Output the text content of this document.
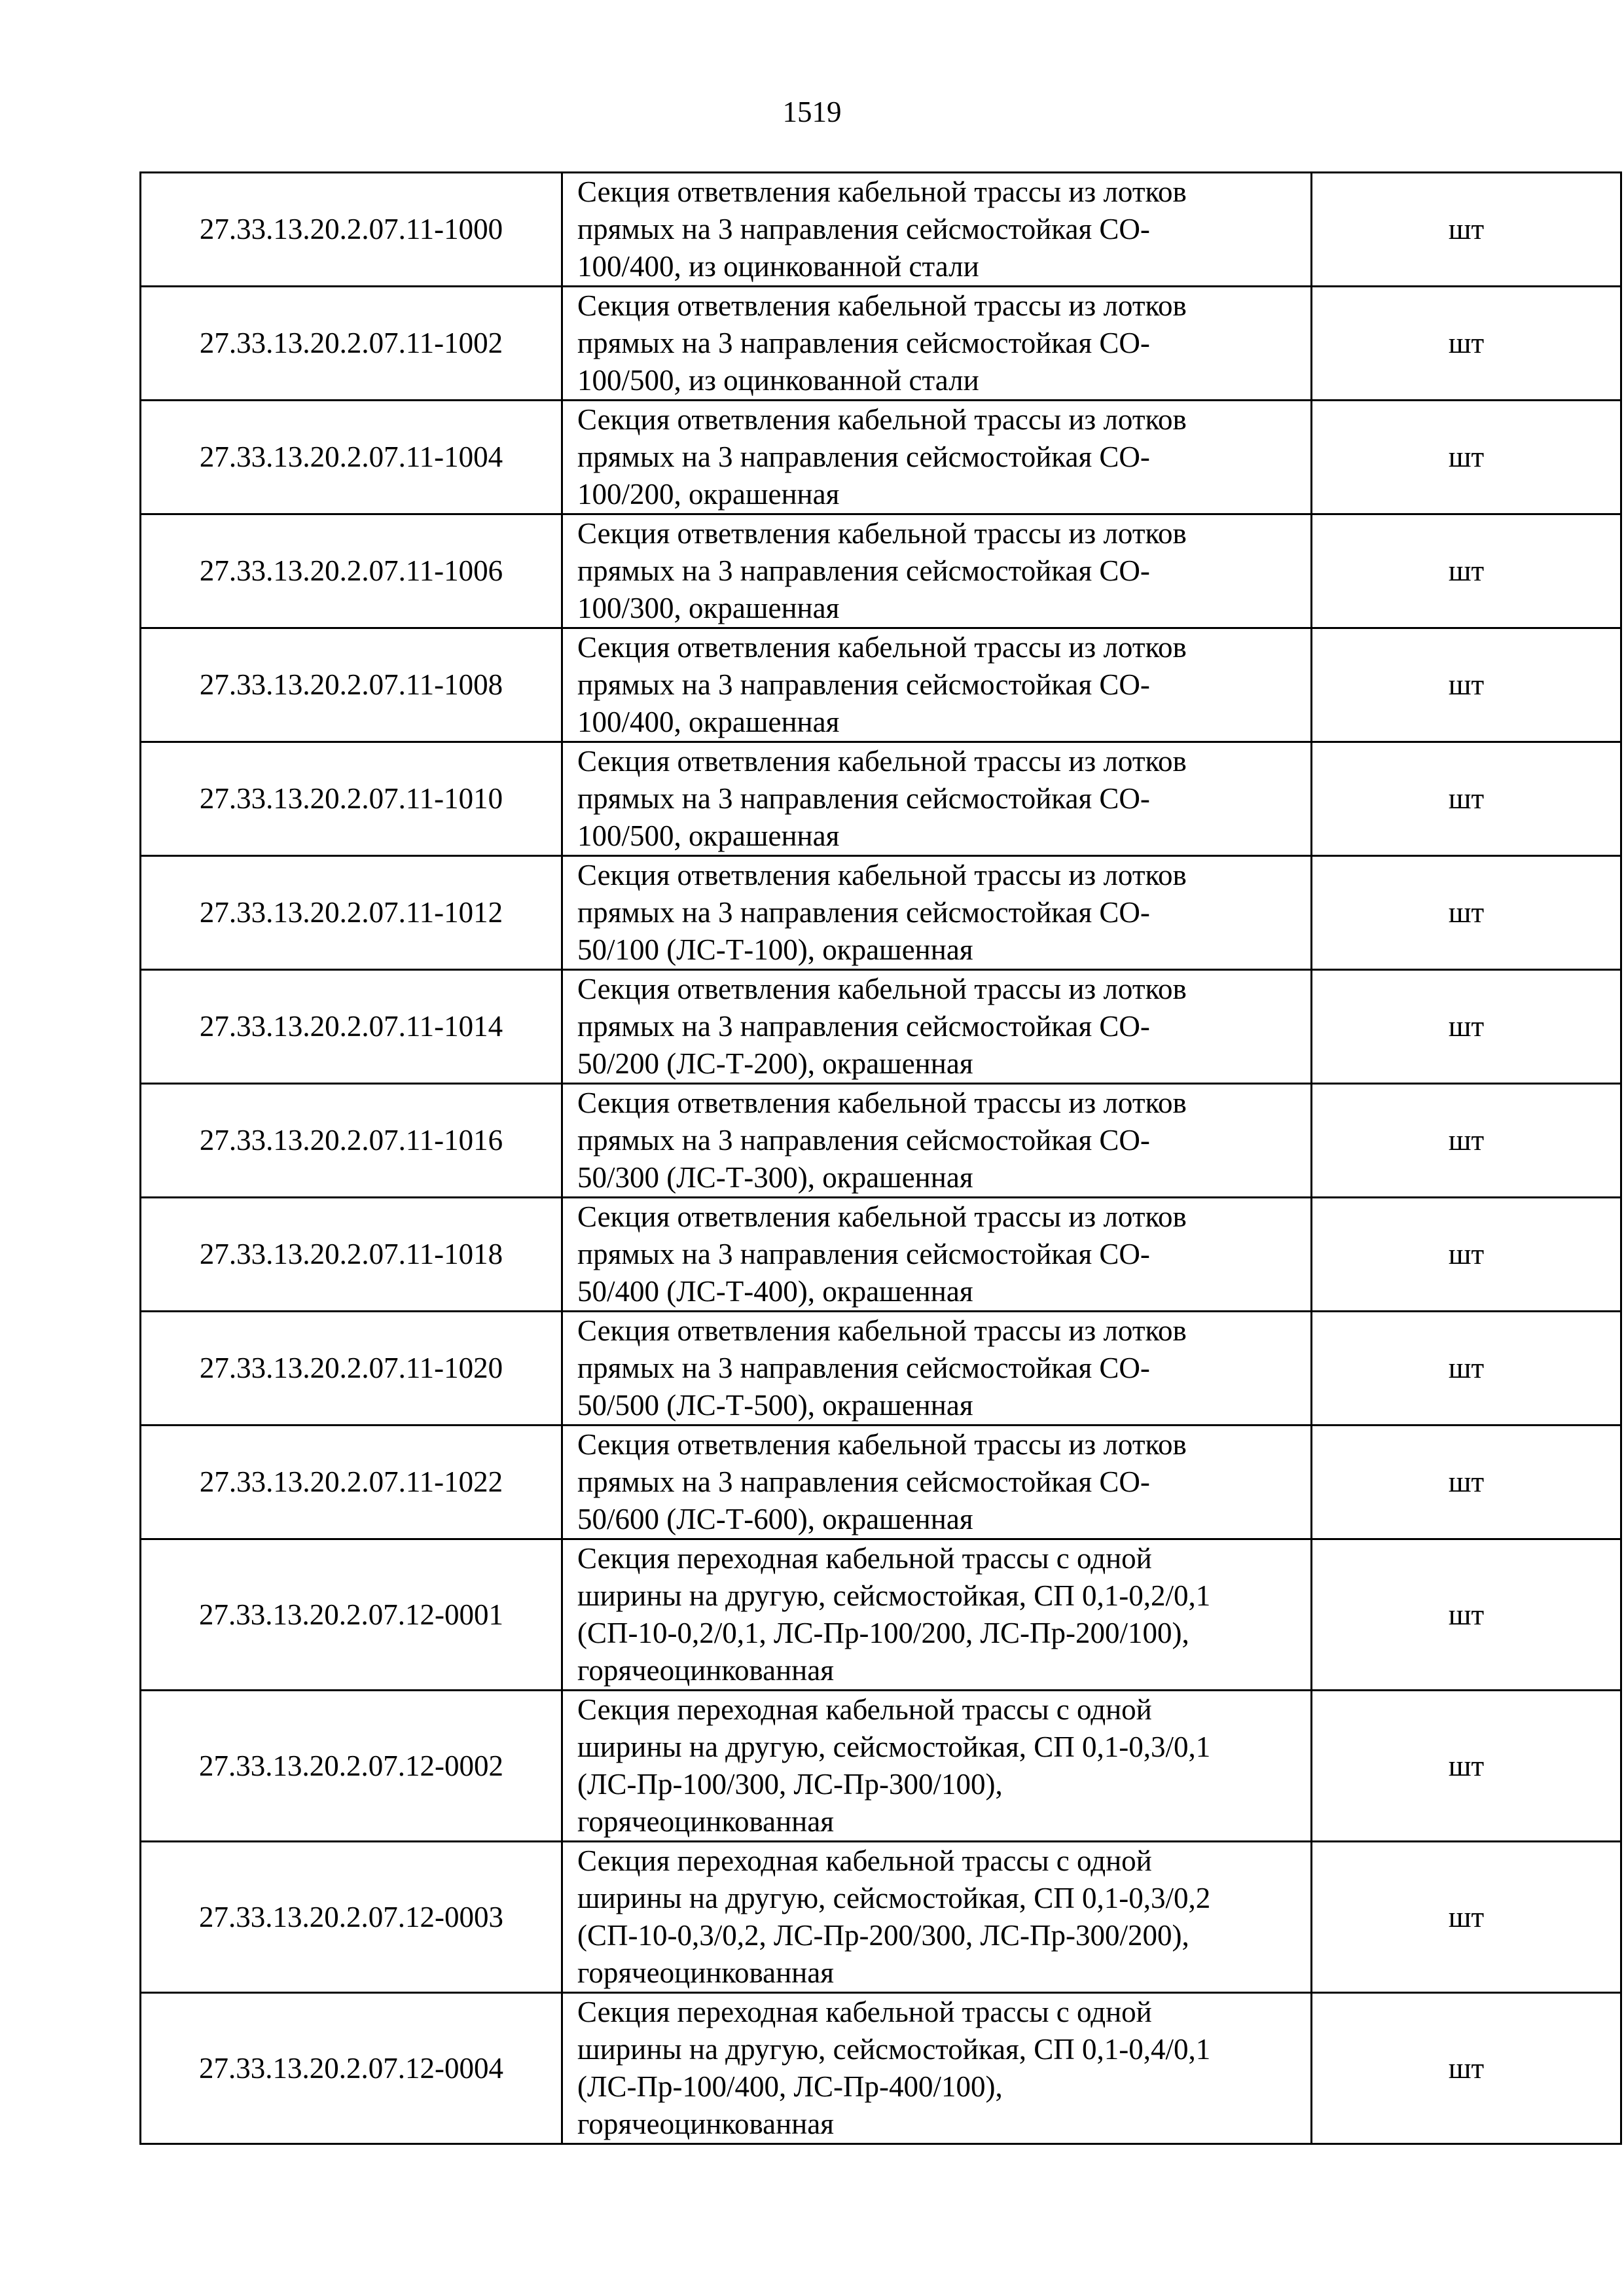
1519
27.33.13.20.2.07.11-1000	Секция ответвления кабельной трассы из лотков
прямых на 3 направления сейсмостойкая СО-
100/400, из оцинкованной стали	шт
27.33.13.20.2.07.11-1002	Секция ответвления кабельной трассы из лотков
прямых на 3 направления сейсмостойкая СО-
100/500, из оцинкованной стали	шт
27.33.13.20.2.07.11-1004	Секция ответвления кабельной трассы из лотков
прямых на 3 направления сейсмостойкая СО-
100/200, окрашенная	шт
27.33.13.20.2.07.11-1006	Секция ответвления кабельной трассы из лотков
прямых на 3 направления сейсмостойкая СО-
100/300, окрашенная	шт
27.33.13.20.2.07.11-1008	Секция ответвления кабельной трассы из лотков
прямых на 3 направления сейсмостойкая СО-
100/400, окрашенная	шт
27.33.13.20.2.07.11-1010	Секция ответвления кабельной трассы из лотков
прямых на 3 направления сейсмостойкая СО-
100/500, окрашенная	шт
27.33.13.20.2.07.11-1012	Секция ответвления кабельной трассы из лотков
прямых на 3 направления сейсмостойкая СО-
50/100 (ЛС-Т-100), окрашенная	шт
27.33.13.20.2.07.11-1014	Секция ответвления кабельной трассы из лотков
прямых на 3 направления сейсмостойкая СО-
50/200 (ЛС-Т-200), окрашенная	шт
27.33.13.20.2.07.11-1016	Секция ответвления кабельной трассы из лотков
прямых на 3 направления сейсмостойкая СО-
50/300 (ЛС-Т-300), окрашенная	шт
27.33.13.20.2.07.11-1018	Секция ответвления кабельной трассы из лотков
прямых на 3 направления сейсмостойкая СО-
50/400 (ЛС-Т-400), окрашенная	шт
27.33.13.20.2.07.11-1020	Секция ответвления кабельной трассы из лотков
прямых на 3 направления сейсмостойкая СО-
50/500 (ЛС-Т-500), окрашенная	шт
27.33.13.20.2.07.11-1022	Секция ответвления кабельной трассы из лотков
прямых на 3 направления сейсмостойкая СО-
50/600 (ЛС-Т-600), окрашенная	шт
27.33.13.20.2.07.12-0001	Секция переходная кабельной трассы с одной
ширины на другую, сейсмостойкая, СП 0,1-0,2/0,1
(СП-10-0,2/0,1, ЛС-Пр-100/200, ЛС-Пр-200/100),
горячеоцинкованная	шт
27.33.13.20.2.07.12-0002	Секция переходная кабельной трассы с одной
ширины на другую, сейсмостойкая, СП 0,1-0,3/0,1
(ЛС-Пр-100/300, ЛС-Пр-300/100),
горячеоцинкованная	шт
27.33.13.20.2.07.12-0003	Секция переходная кабельной трассы с одной
ширины на другую, сейсмостойкая, СП 0,1-0,3/0,2
(СП-10-0,3/0,2, ЛС-Пр-200/300, ЛС-Пр-300/200),
горячеоцинкованная	шт
27.33.13.20.2.07.12-0004	Секция переходная кабельной трассы с одной
ширины на другую, сейсмостойкая, СП 0,1-0,4/0,1
(ЛС-Пр-100/400, ЛС-Пр-400/100),
горячеоцинкованная	шт
